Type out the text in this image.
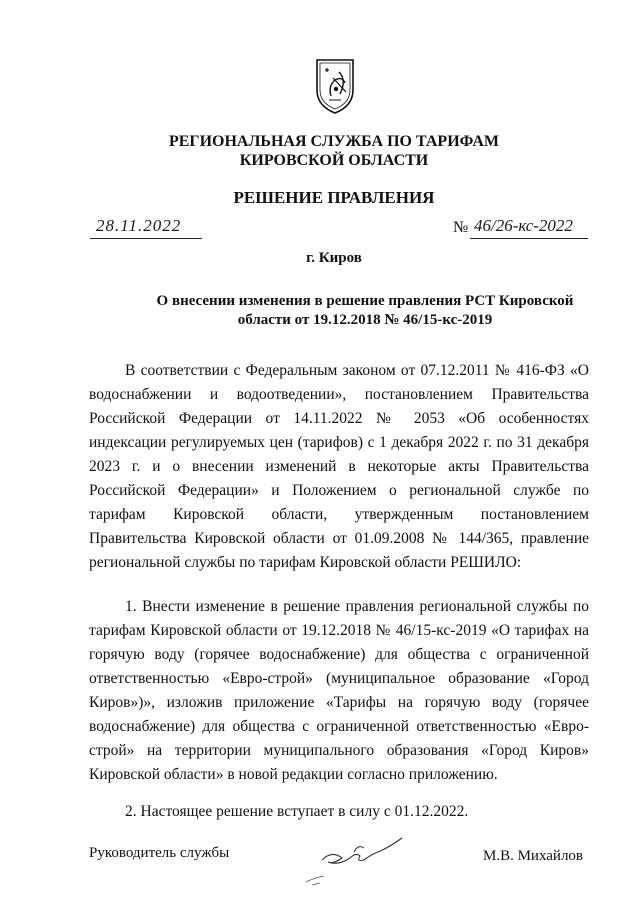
РЕГИОНАЛЬНАЯ СЛУЖБА ПО ТАРИФАМ
КИРОВСКОЙ ОБЛАСТИ
РЕШЕНИЕ ПРАВЛЕНИЯ
28.11.2022	№ 46/26-кс-2022
г. Киров
О внесении изменения в решение правления РСТ Кировской области от 19.12.2018 № 46/15-кс-2019
В соответствии с Федеральным законом от 07.12.2011 № 416-ФЗ «О водоснабжении и водоотведении», постановлением Правительства Российской Федерации от 14.11.2022 № 2053 «Об особенностях индексации регулируемых цен (тарифов) с 1 декабря 2022 г. по 31 декабря 2023 г. и о внесении изменений в некоторые акты Правительства Российской Федерации» и Положением о региональной службе по тарифам Кировской области, утвержденным постановлением Правительства Кировской области от 01.09.2008 № 144/365, правление региональной службы по тарифам Кировской области РЕШИЛО:
1. Внести изменение в решение правления региональной службы по тарифам Кировской области от 19.12.2018 № 46/15-кс-2019 «О тарифах на горячую воду (горячее водоснабжение) для общества с ограниченной ответственностью «Евро-строй» (муниципальное образование «Город Киров»)», изложив приложение «Тарифы на горячую воду (горячее водоснабжение) для общества с ограниченной ответственностью «Евро-строй» на территории муниципального образования «Город Киров» Кировской области» в новой редакции согласно приложению.
2. Настоящее решение вступает в силу с 01.12.2022.
Руководитель службы	М.В. Михайлов
